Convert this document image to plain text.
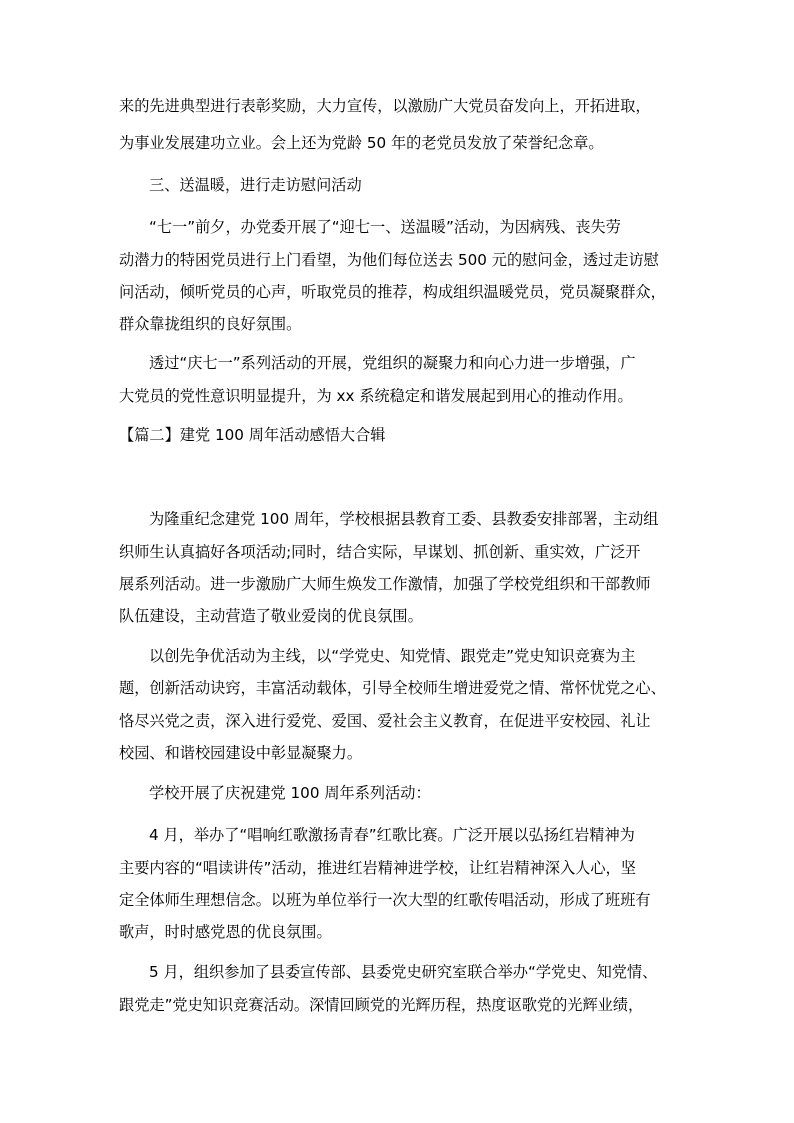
来的先进典型进行表彰奖励，大力宣传，以激励广大党员奋发向上，开拓进取，
为事业发展建功立业。会上还为党龄 50 年的老党员发放了荣誉纪念章。
三、送温暖，进行走访慰问活动
“七一”前夕，办党委开展了“迎七一、送温暖”活动，为因病残、丧失劳
动潜力的特困党员进行上门看望，为他们每位送去 500 元的慰问金，透过走访慰
问活动，倾听党员的心声，听取党员的推荐，构成组织温暖党员，党员凝聚群众，
群众靠拢组织的良好氛围。
透过“庆七一”系列活动的开展，党组织的凝聚力和向心力进一步增强，广
大党员的党性意识明显提升，为 xx 系统稳定和谐发展起到用心的推动作用。
【篇二】建党 100 周年活动感悟大合辑
为隆重纪念建党 100 周年，学校根据县教育工委、县教委安排部署，主动组
织师生认真搞好各项活动;同时，结合实际，早谋划、抓创新、重实效，广泛开
展系列活动。进一步激励广大师生焕发工作激情，加强了学校党组织和干部教师
队伍建设，主动营造了敬业爱岗的优良氛围。
以创先争优活动为主线，以“学党史、知党情、跟党走”党史知识竞赛为主
题，创新活动诀窍，丰富活动载体，引导全校师生增进爱党之情、常怀忧党之心、
恪尽兴党之责，深入进行爱党、爱国、爱社会主义教育，在促进平安校园、礼让
校园、和谐校园建设中彰显凝聚力。
学校开展了庆祝建党 100 周年系列活动：
4 月，举办了“唱响红歌激扬青春”红歌比赛。广泛开展以弘扬红岩精神为
主要内容的“唱读讲传”活动，推进红岩精神进学校，让红岩精神深入人心，坚
定全体师生理想信念。以班为单位举行一次大型的红歌传唱活动，形成了班班有
歌声，时时感党恩的优良氛围。
5 月，组织参加了县委宣传部、县委党史研究室联合举办“学党史、知党情、
跟党走”党史知识竞赛活动。深情回顾党的光辉历程，热度讴歌党的光辉业绩，
